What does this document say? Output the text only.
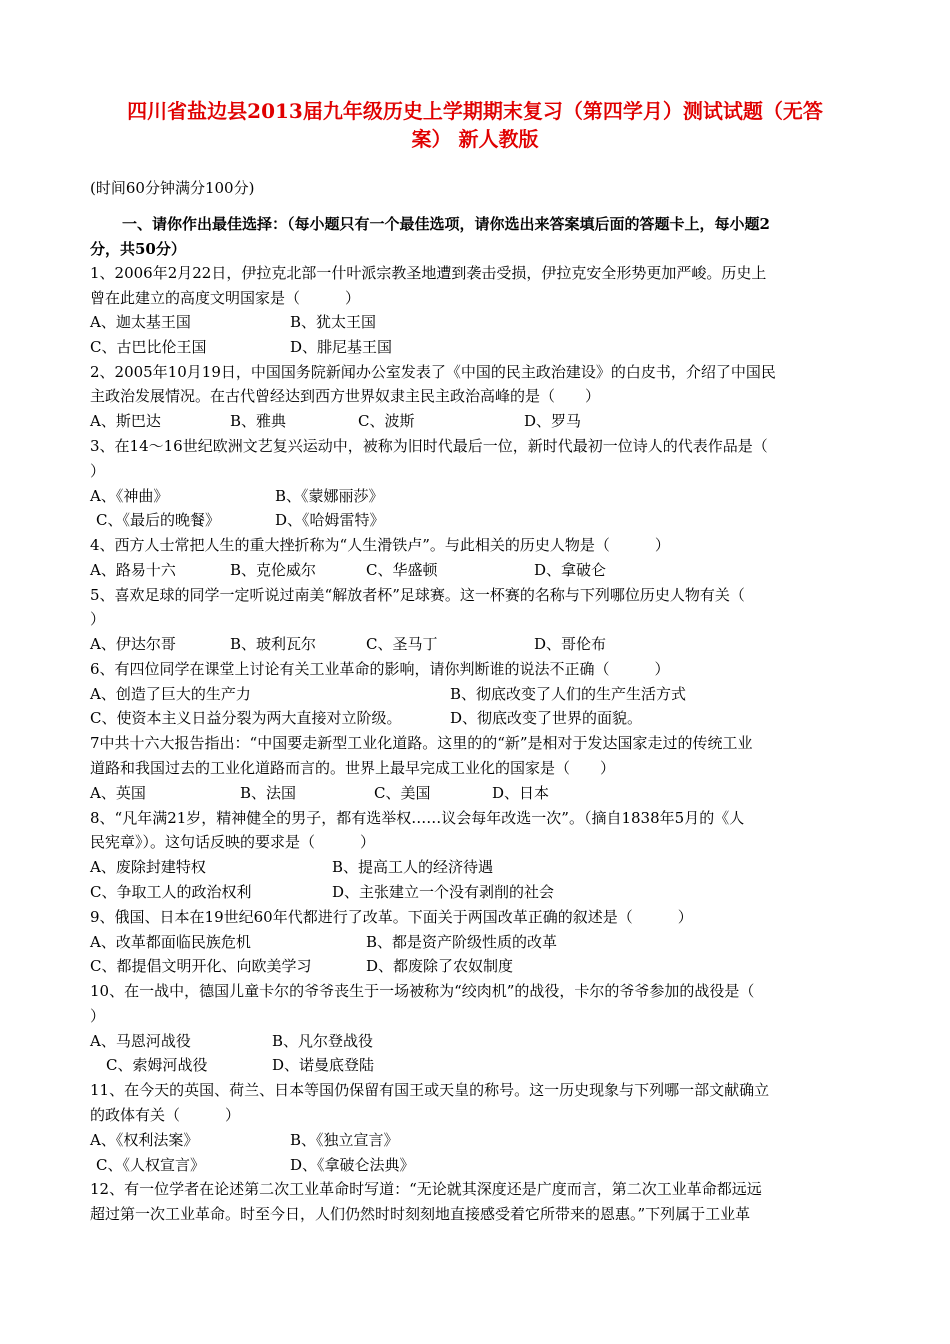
四川省盐边县2013届九年级历史上学期期末复习（第四学月）测试试题（无答
案） 新人教版
(时间60分钟满分100分)
一、请你作出最佳选择：（每小题只有一个最佳选项，请你选出来答案填后面的答题卡上，每小题2
分，共50分）
1、2006年2月22日，伊拉克北部一什叶派宗教圣地遭到袭击受损，伊拉克安全形势更加严峻。历史上
曾在此建立的高度文明国家是（　　　）
A、迦太基王国	B、犹太王国
C、古巴比伦王国	D、腓尼基王国
2、2005年10月19日，中国国务院新闻办公室发表了《中国的民主政治建设》的白皮书，介绍了中国民
主政治发展情况。在古代曾经达到西方世界奴隶主民主政治高峰的是（　　）
A、斯巴达	B、雅典	C、波斯	D、罗马
3、在14～16世纪欧洲文艺复兴运动中，被称为旧时代最后一位，新时代最初一位诗人的代表作品是（
）
A、《神曲》	B、《蒙娜丽莎》
C、《最后的晚餐》	D、《哈姆雷特》
4、西方人士常把人生的重大挫折称为“人生滑铁卢”。与此相关的历史人物是（　　　）
A、路易十六	B、克伦威尔	C、华盛顿	D、拿破仑
5、喜欢足球的同学一定听说过南美“解放者杯”足球赛。这一杯赛的名称与下列哪位历史人物有关（
）
A、伊达尔哥	B、玻利瓦尔	C、圣马丁	D、哥伦布
6、有四位同学在课堂上讨论有关工业革命的影响，请你判断谁的说法不正确（　　　）
A、创造了巨大的生产力	B、彻底改变了人们的生产生活方式
C、使资本主义日益分裂为两大直接对立阶级。	D、彻底改变了世界的面貌。
7中共十六大报告指出：“中国要走新型工业化道路。这里的的“新”是相对于发达国家走过的传统工业
道路和我国过去的工业化道路而言的。世界上最早完成工业化的国家是（　　）
A、英国	B、法国	C、美国	D、日本
8、“凡年满21岁，精神健全的男子，都有选举权……议会每年改选一次”。（摘自1838年5月的《人
民宪章》）。这句话反映的要求是（　　　）
A、废除封建特权	B、提高工人的经济待遇
C、争取工人的政治权利	D、主张建立一个没有剥削的社会
9、俄国、日本在19世纪60年代都进行了改革。下面关于两国改革正确的叙述是（　　　）
A、改革都面临民族危机	B、都是资产阶级性质的改革
C、都提倡文明开化、向欧美学习	D、都废除了农奴制度
10、在一战中，德国儿童卡尔的爷爷丧生于一场被称为“绞肉机”的战役，卡尔的爷爷参加的战役是（
）
A、马恩河战役	B、凡尔登战役
C、索姆河战役	D、诺曼底登陆
11、在今天的英国、荷兰、日本等国仍保留有国王或天皇的称号。这一历史现象与下列哪一部文献确立
的政体有关（　　　）
A、《权利法案》	B、《独立宣言》
C、《人权宣言》	D、《拿破仑法典》
12、有一位学者在论述第二次工业革命时写道：“无论就其深度还是广度而言，第二次工业革命都远远
超过第一次工业革命。时至今日，人们仍然时时刻刻地直接感受着它所带来的恩惠。”下列属于工业革
